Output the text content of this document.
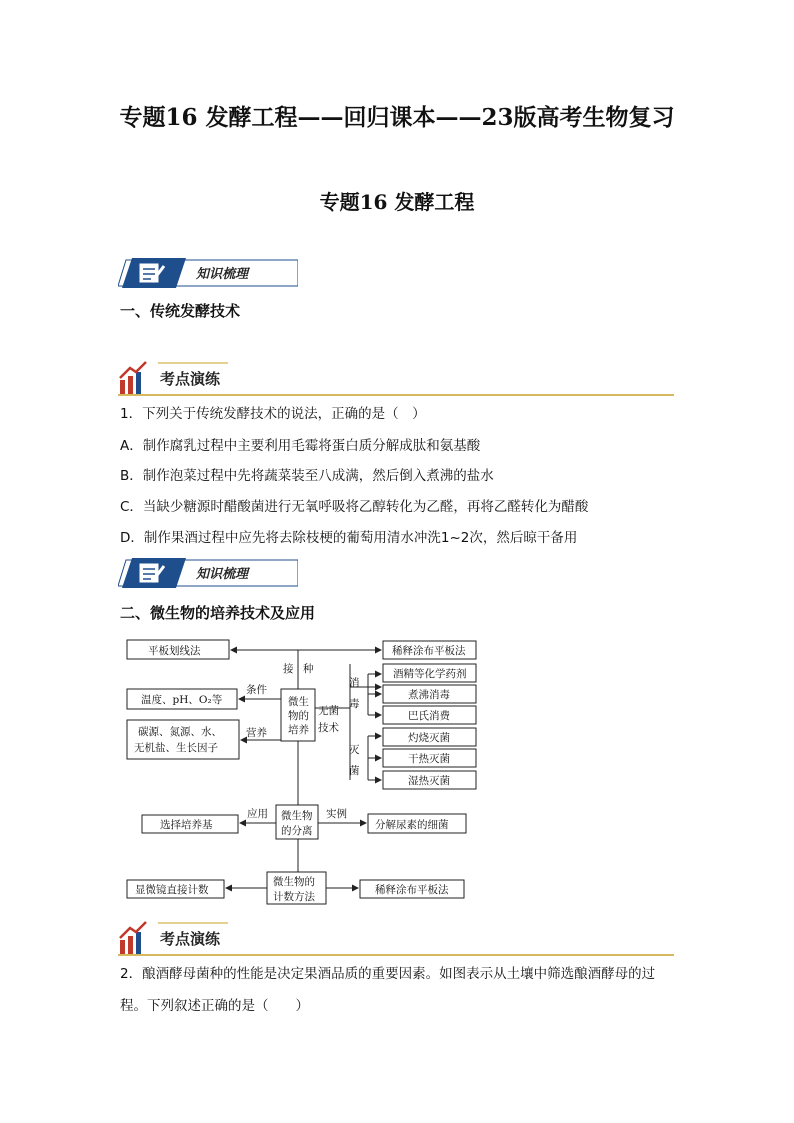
专题16 发酵工程——回归课本——23版高考生物复习
专题16 发酵工程
知识梳理
一、传统发酵技术
考点演练
1．下列关于传统发酵技术的说法，正确的是（　）
A．制作腐乳过程中主要利用毛霉将蛋白质分解成肽和氨基酸
B．制作泡菜过程中先将蔬菜装至八成满，然后倒入煮沸的盐水
C．当缺少糖源时醋酸菌进行无氧呼吸将乙醇转化为乙醛，再将乙醛转化为醋酸
D．制作果酒过程中应先将去除枝梗的葡萄用清水冲洗1~2次，然后晾干备用
知识梳理
二、微生物的培养技术及应用
平板划线法	稀释涂布平板法
接 种
温度、pH、O₂等
条件
营养
碳源、氮源、水、
无机盐、生长因子
微生
物的
培养
无菌
技术
消
毒
灭
菌
酒精等化学药剂
煮沸消毒
巴氏消费
灼烧灭菌
干热灭菌
湿热灭菌
微生物
的分离
应用	实例
选择培养基	分解尿素的细菌
微生物的
计数方法
显微镜直接计数	稀释涂布平板法
考点演练
2．酿酒酵母菌种的性能是决定果酒品质的重要因素。如图表示从土壤中筛选酿酒酵母的过
程。下列叙述正确的是（　　）
